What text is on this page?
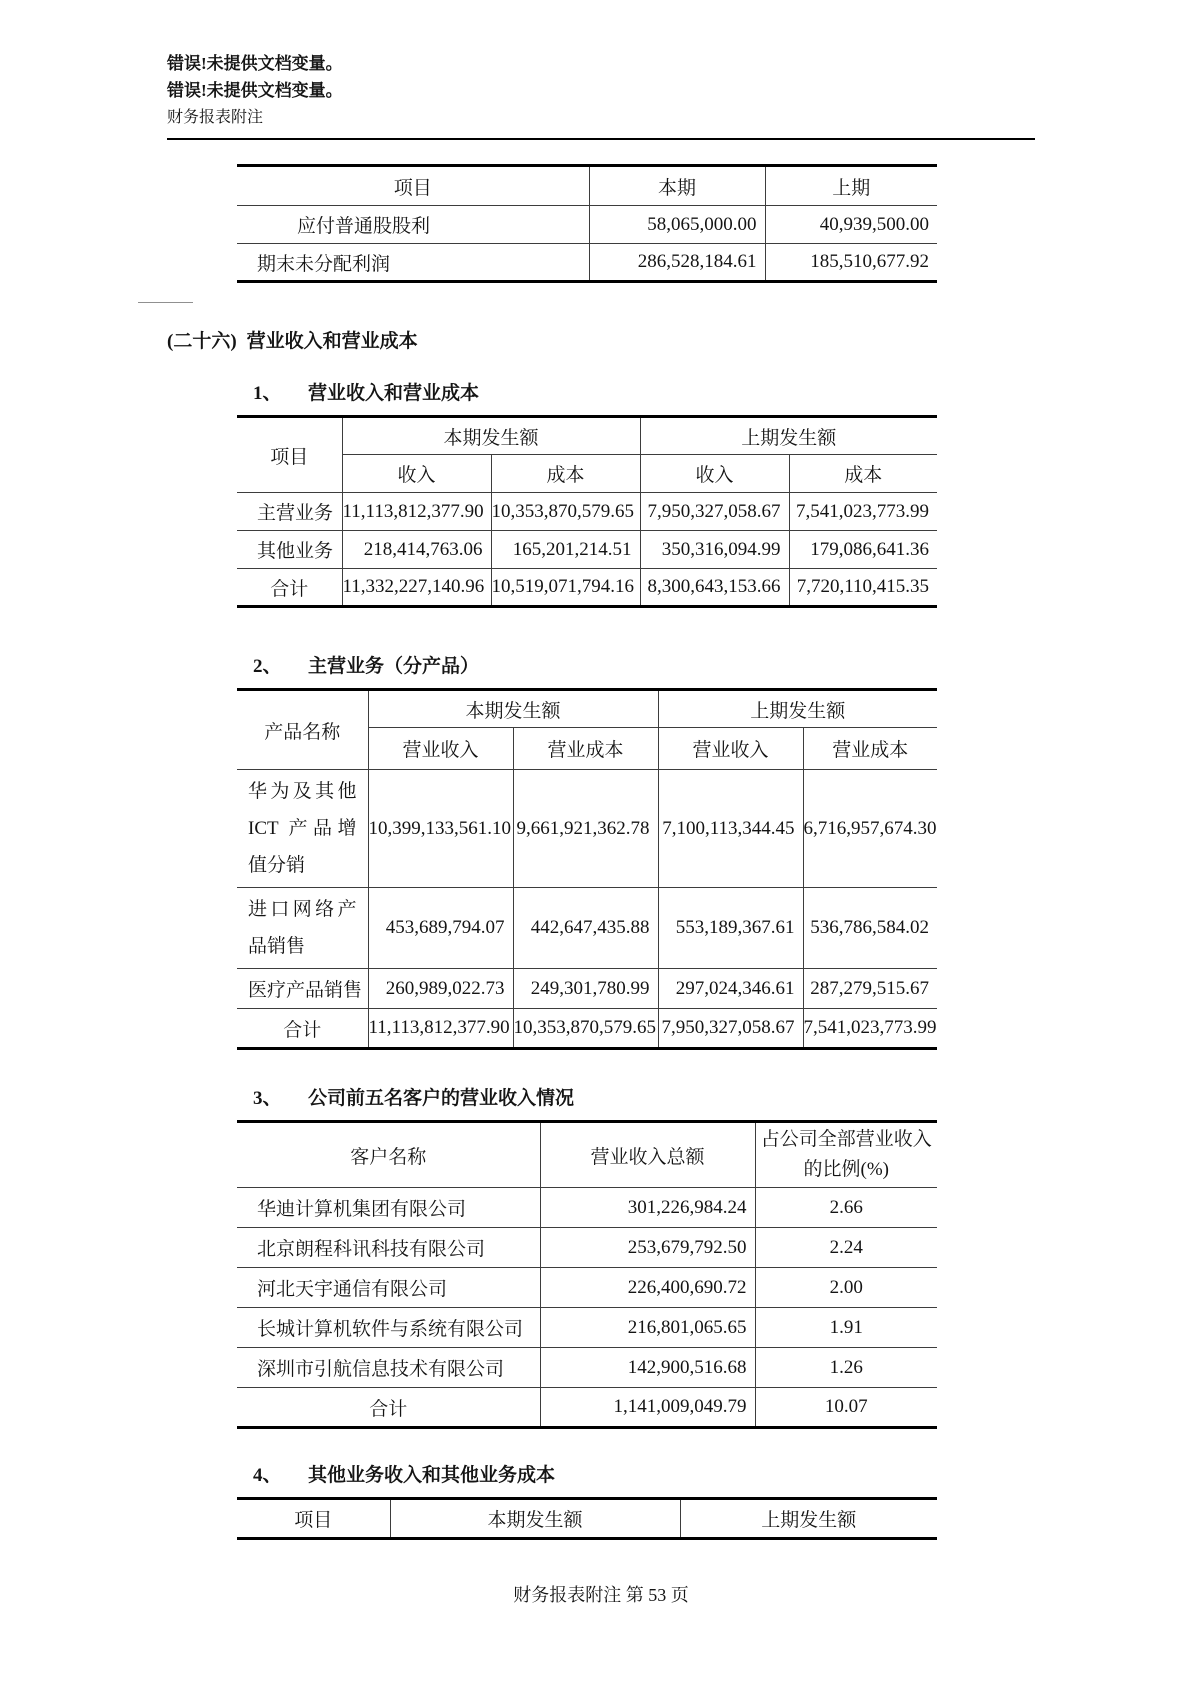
错误!未提供文档变量。
错误!未提供文档变量。
财务报表附注
项目	本期	上期
应付普通股股利	58,065,000.00	40,939,500.00
期末未分配利润	286,528,184.61	185,510,677.92
(二十六) 营业收入和营业成本
1、	营业收入和营业成本
项目	本期发生额		上期发生额	
	收入	成本	收入	成本
主营业务	11,113,812,377.90	10,353,870,579.65	7,950,327,058.67	7,541,023,773.99
其他业务	218,414,763.06	165,201,214.51	350,316,094.99	179,086,641.36
合计	11,332,227,140.96	10,519,071,794.16	8,300,643,153.66	7,720,110,415.35
2、	主营业务（分产品）
产品名称	本期发生额		上期发生额	
	营业收入	营业成本	营业收入	营业成本
华为及其他 ICT 产品增值分销	10,399,133,561.10	9,661,921,362.78	7,100,113,344.45	6,716,957,674.30
进口网络产品销售	453,689,794.07	442,647,435.88	553,189,367.61	536,786,584.02
医疗产品销售	260,989,022.73	249,301,780.99	297,024,346.61	287,279,515.67
合计	11,113,812,377.90	10,353,870,579.65	7,950,327,058.67	7,541,023,773.99
3、	公司前五名客户的营业收入情况
客户名称	营业收入总额	占公司全部营业收入
的比例(%)

华迪计算机集团有限公司	301,226,984.24	2.66
北京朗程科讯科技有限公司	253,679,792.50	2.24
河北天宇通信有限公司	226,400,690.72	2.00
长城计算机软件与系统有限公司	216,801,065.65	1.91
深圳市引航信息技术有限公司	142,900,516.68	1.26
合计	1,141,009,049.79	10.07
4、	其他业务收入和其他业务成本
项目	本期发生额	上期发生额
财务报表附注 第 53 页
